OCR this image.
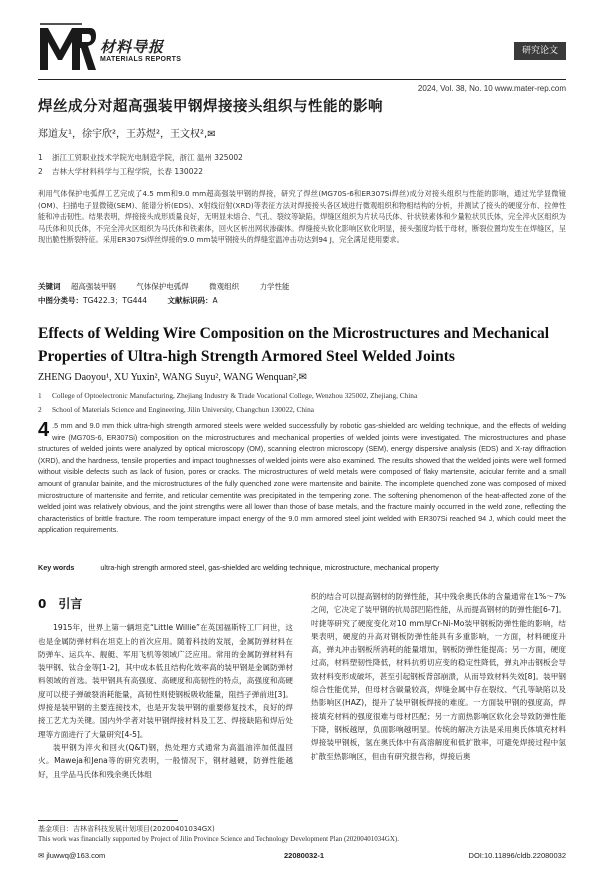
材料导报
MATERIALS REPORTS
研究论文
2024, Vol. 38, No. 10 www.mater-rep.com
焊丝成分对超高强装甲钢焊接接头组织与性能的影响
郑道友¹，徐宇欣²，王苏煜²，王文权²,✉
1 浙江工贸职业技术学院光电制造学院，浙江 温州 325002
2 吉林大学材料科学与工程学院，长春 130022
利用气体保护电弧焊工艺完成了4.5 mm和9.0 mm超高强装甲钢的焊接，研究了焊丝(MG70S-6和ER307Si焊丝)成分对接头组织与性能的影响，通过光学显微镜(OM)、扫描电子显微镜(SEM)、能谱分析(EDS)、X射线衍射(XRD)等表征方法对焊接接头各区域进行微观组织和物相结构的分析，并测试了接头的硬度分布、拉伸性能和冲击韧性。结果表明，焊接接头成形质量良好，无明显未熔合、气孔、裂纹等缺陷，焊缝区组织为片状马氏体、针状铁素体和少量粒状贝氏体，完全淬火区组织为马氏体和贝氏体，不完全淬火区组织为马氏体和铁素体，回火区析出网状渗碳体。焊缝接头软化影响区软化明显，接头强度均低于母材，断裂位置均发生在焊缝区，呈现出脆性断裂特征。采用ER307Si焊丝焊接的9.0 mm装甲钢接头的焊缝室温冲击功达到94 J，完全满足使用要求。
关键词 超高强装甲钢	气体保护电弧焊	微观组织	力学性能
中图分类号：TG422.3；TG444	文献标识码：A
Effects of Welding Wire Composition on the Microstructures and Mechanical Properties of Ultra-high Strength Armored Steel Welded Joints
ZHENG Daoyou¹, XU Yuxin², WANG Suyu², WANG Wenquan²,✉
1 College of Optoelectronic Manufacturing, Zhejiang Industry & Trade Vocational College, Wenzhou 325002, Zhejiang, China
2 School of Materials Science and Engineering, Jilin University, Changchun 130022, China
4 .5 mm and 9.0 mm thick ultra-high strength armored steels were welded successfully by robotic gas-shielded arc welding technique, and the effects of welding wire (MG70S-6, ER307Si) composition on the microstructures and mechanical properties of welded joints were investigated. The microstructures and phase structures of welded joints were analyzed by optical microscopy (OM), scanning electron microscopy (SEM), energy dispersive analysis (EDS) and X-ray diffraction (XRD), and the hardness, tensile properties and impact toughnesses of welded joints were also examined. The results showed that the welded joints were well formed without visible defects such as lack of fusion, pores or cracks. The microstructures of weld metals were composed of flaky martensite, acicular ferrite and a small amount of granular bainite, and the microstructures of the fully quenched zone were martensite and bainite. The incomplete quenched zone was composed of mixed microstructure of martensite and ferrite, and reticular cementite was precipitated in the tempering zone. The softening phenomenon of the heat-affected zone of the welded joint was relatively obvious, and the joint strengths were all lower than those of base metals, and the fracture mainly occurred in the weld zone, reflecting the characteristics of brittle fracture. The room temperature impact energy of the 9.0 mm armored steel joint welded with ER307Si reached 94 J, which could meet the application requirements.
Key words	ultra-high strength armored steel, gas-shielded arc welding technique, microstructure, mechanical property
0 引言

1915年，世界上第一辆坦克“Little Willie”在英国福斯特工厂问世，这也是金属防弹材料在坦克上的首次应用。随着科技的发展，金属防弹材料在防弹车、运兵车、舰艇、军用飞机等领域广泛应用。常用的金属防弹材料有装甲钢、钛合金等[1-2]，其中成本低且结构化效率高的装甲钢是金属防弹材料领域的首选。装甲钢具有高强度、高硬度和高韧性的特点，高强度和高硬度可以使子弹破裂消耗能量，高韧性则使钢板吸收能量，阻挡子弹前进[3]。焊接是装甲钢的主要连接技术，也是开发装甲钢的重要修复技术，良好的焊接工艺尤为关键。国内外学者对装甲钢焊接材料及工艺、焊接缺陷和焊后处理等方面进行了大量研究[4-5]。

装甲钢为淬火和回火(Q&T)钢，热处理方式通常为高温油淬加低温回火。Maweja和Jena等的研究表明，一般情况下，钢材越硬，防弹性能越好，且学品马氏体和残余奥氏体组

织的结合可以提高钢材的防弹性能，其中残余奥氏体的含量通常在1%～7%之间，它决定了装甲钢的抗局部凹陷性能，从而提高钢材的防弹性能[6-7]。吋捷等研究了硬度变化对10 mm厚Cr-Ni-Mo装甲钢板防弹性能的影响，结果表明，硬度的升高对钢板防弹性能具有多重影响，一方面，材料硬度升高，弹丸冲击钢板所消耗的能量增加，钢板防弹性能提高；另一方面，硬度过高，材料塑韧性降低，材料抗剪切应变的稳定性降低，弹丸冲击钢板会导致材料变形成破坏，甚至引起钢板背部崩溃，从而导致材料失效[8]。装甲钢综合性能优异，但母材含碳量较高，焊缝金属中存在裂纹、气孔等缺陷以及热影响区(HAZ)，提升了装甲钢板焊接的难度。一方面装甲钢的强度高，焊接填充材料的强度很难与母材匹配；另一方面热影响区软化会导致防弹性能下降，钢板越厚，负面影响越明显。传统的解决方法是采用奥氏体填充材料焊接装甲钢板，氢在奥氏体中有高溶解度和低扩散率，可避免焊接过程中氢扩散至热影响区，但由有研究报告称，焊接后奥

基金项目：吉林省科技发展计划项目(20200401034GX)
This work was financially supported by Project of Jilin Province Science and Technology Development Plan (20200401034GX).
✉ jluwwq@163.com	22080032-1	DOI:10.11896/cldb.22080032
